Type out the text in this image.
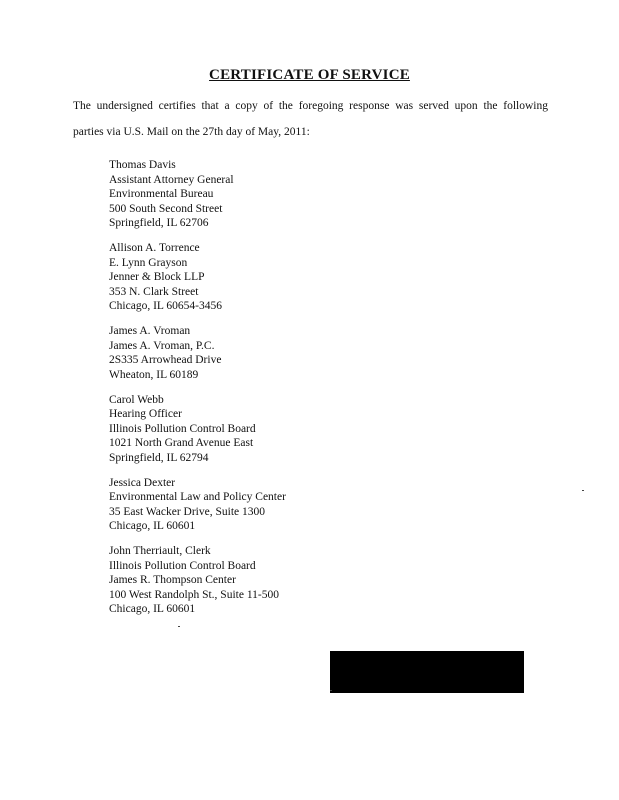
CERTIFICATE OF SERVICE
The undersigned certifies that a copy of the foregoing response was served upon the following
parties via U.S. Mail on the 27th day of May, 2011:
Thomas Davis
Assistant Attorney General
Environmental Bureau
500 South Second Street
Springfield, IL 62706
Allison A. Torrence
E. Lynn Grayson
Jenner & Block LLP
353 N. Clark Street
Chicago, IL 60654-3456
James A. Vroman
James A. Vroman, P.C.
2S335 Arrowhead Drive
Wheaton, IL 60189
Carol Webb
Hearing Officer
Illinois Pollution Control Board
1021 North Grand Avenue East
Springfield, IL 62794
Jessica Dexter
Environmental Law and Policy Center
35 East Wacker Drive, Suite 1300
Chicago, IL 60601
John Therriault, Clerk
Illinois Pollution Control Board
James R. Thompson Center
100 West Randolph St., Suite 11-500
Chicago, IL 60601
